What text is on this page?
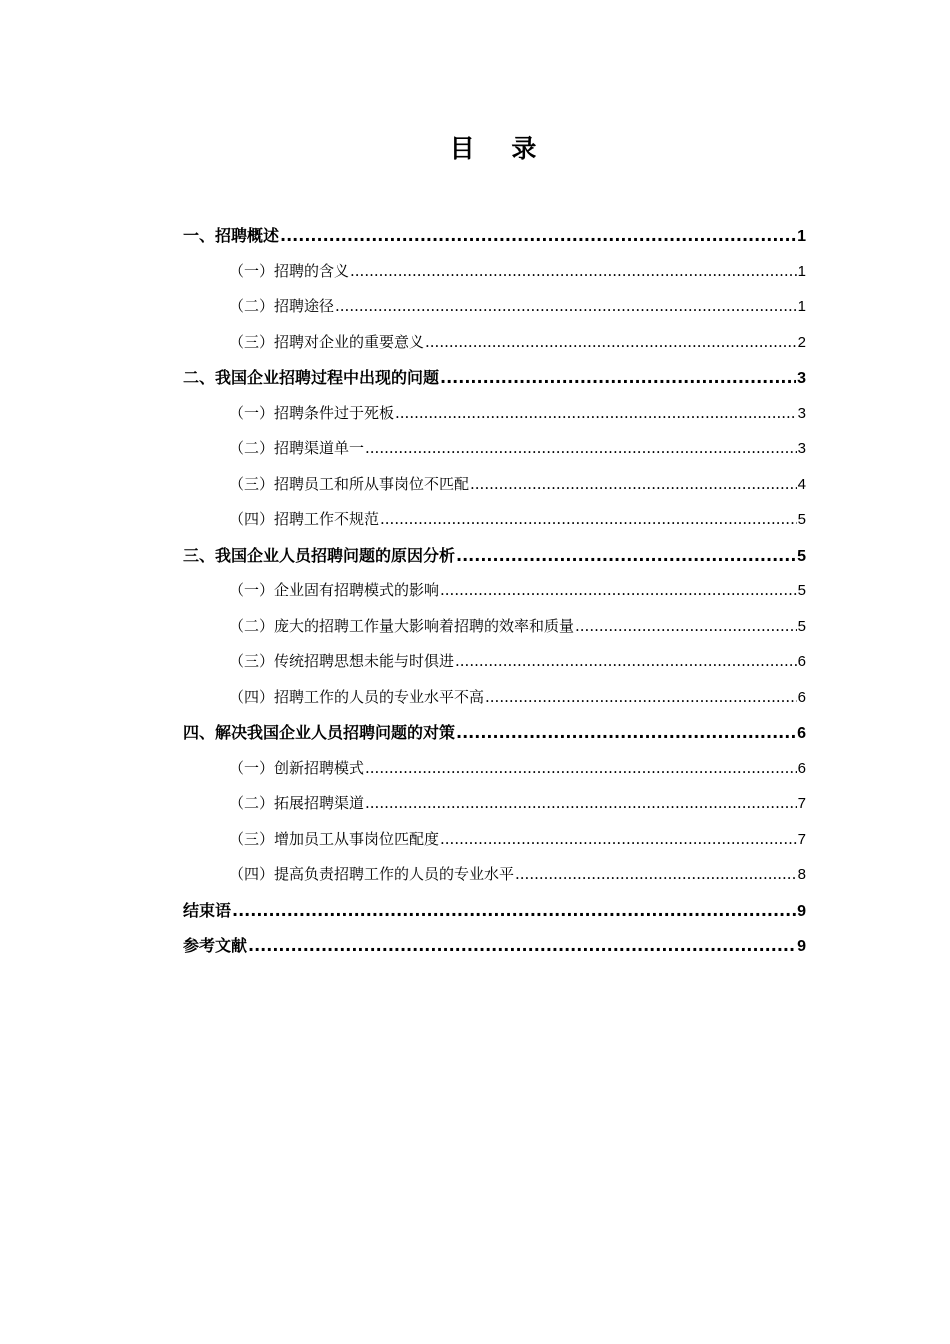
目 录
一、招聘概述 .....	1
（一）招聘的含义 .....	1
（二）招聘途径 .....	1
（三）招聘对企业的重要意义 .....	2
二、我国企业招聘过程中出现的问题 .....	3
（一）招聘条件过于死板 .....	3
（二）招聘渠道单一 .....	3
（三）招聘员工和所从事岗位不匹配 .....	4
（四）招聘工作不规范 .....	5
三、我国企业人员招聘问题的原因分析 .....	5
（一）企业固有招聘模式的影响 .....	5
（二）庞大的招聘工作量大影响着招聘的效率和质量 .....	5
（三）传统招聘思想未能与时俱进 .....	6
（四）招聘工作的人员的专业水平不高 .....	6
四、解决我国企业人员招聘问题的对策 .....	6
（一）创新招聘模式 .....	6
（二）拓展招聘渠道 .....	7
（三）增加员工从事岗位匹配度 .....	7
（四）提高负责招聘工作的人员的专业水平 .....	8
结束语 .....	9
参考文献 .....	9
